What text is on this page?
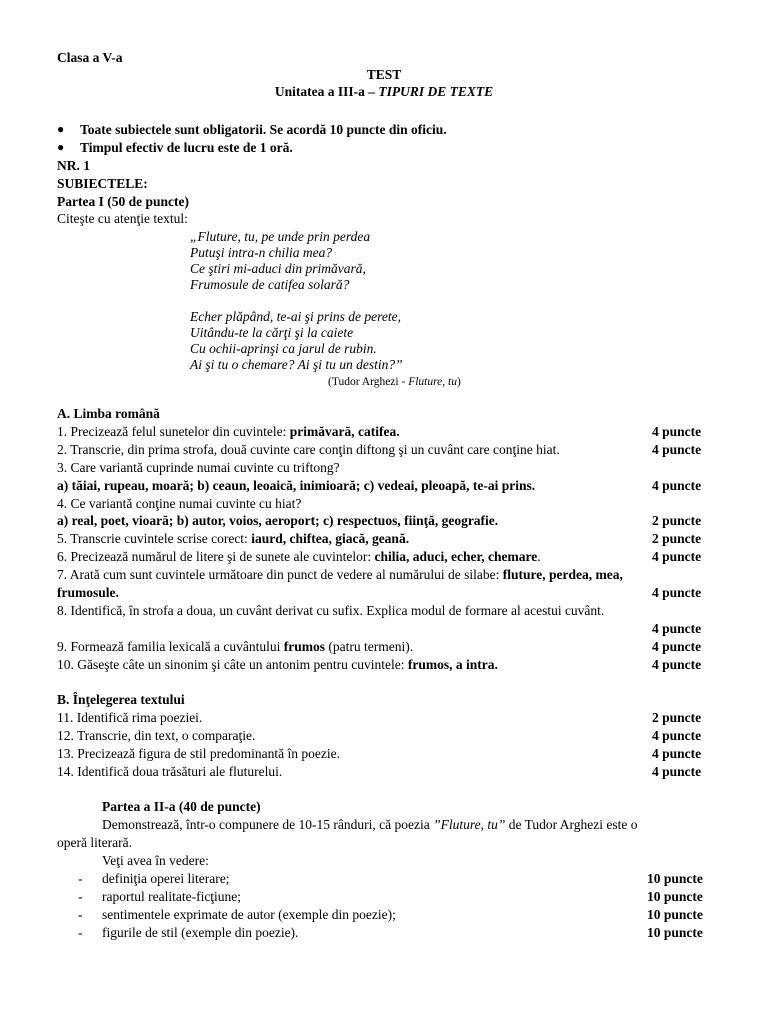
Clasa a V-a
TEST
Unitatea a III-a – TIPURI DE TEXTE
● Toate subiectele sunt obligatorii. Se acordă 10 puncte din oficiu.
● Timpul efectiv de lucru este de 1 oră.
NR. 1
SUBIECTELE:
Partea I (50 de puncte)
Citeşte cu atenţie textul:
„Fluture, tu, pe unde prin perdea
Putuşi intra-n chilia mea?
Ce ştiri mi-aduci din primăvară,
Frumosule de catifea solară?
Echer plăpând, te-ai şi prins de perete,
Uitându-te la cărţi şi la caiete
Cu ochii-aprinşi ca jarul de rubin.
Ai şi tu o chemare? Ai şi tu un destin?”
(Tudor Arghezi - Fluture, tu)
A. Limba română
1. Precizează felul sunetelor din cuvintele: primăvară, catifea.	4 puncte
2. Transcrie, din prima strofa, două cuvinte care conţin diftong şi un cuvânt care conţine hiat.	4 puncte
3. Care variantă cuprinde numai cuvinte cu triftong?
a) tăiai, rupeau, moară; b) ceaun, leoaică, inimioară; c) vedeai, pleoapă, te-ai prins.	4 puncte
4. Ce variantă conţine numai cuvinte cu hiat?
a) real, poet, vioară; b) autor, voios, aeroport; c) respectuos, fiinţă, geografie.	2 puncte
5. Transcrie cuvintele scrise corect: iaurd, chiftea, giacă, geană.	2 puncte
6. Precizează numărul de litere şi de sunete ale cuvintelor: chilia, aduci, echer, chemare.	4 puncte
7. Arată cum sunt cuvintele următoare din punct de vedere al numărului de silabe: fluture, perdea, mea,
frumosule.	4 puncte
8. Identifică, în strofa a doua, un cuvânt derivat cu sufix. Explica modul de formare al acestui cuvânt.
4 puncte
9. Formează familia lexicală a cuvântului frumos (patru termeni).	4 puncte
10. Găseşte câte un sinonim şi câte un antonim pentru cuvintele: frumos, a intra.	4 puncte
B. Înţelegerea textului
11. Identifică rima poeziei.	2 puncte
12. Transcrie, din text, o comparaţie.	4 puncte
13. Precizează figura de stil predominantă în poezie.	4 puncte
14. Identifică doua trăsături ale fluturelui.	4 puncte
Partea a II-a (40 de puncte)
Demonstrează, într-o compunere de 10-15 rânduri, că poezia ”Fluture, tu” de Tudor Arghezi este o
operă literară.
Veţi avea în vedere:
- definiţia operei literare;	10 puncte
- raportul realitate-ficţiune;	10 puncte
- sentimentele exprimate de autor (exemple din poezie);	10 puncte
- figurile de stil (exemple din poezie).	10 puncte
